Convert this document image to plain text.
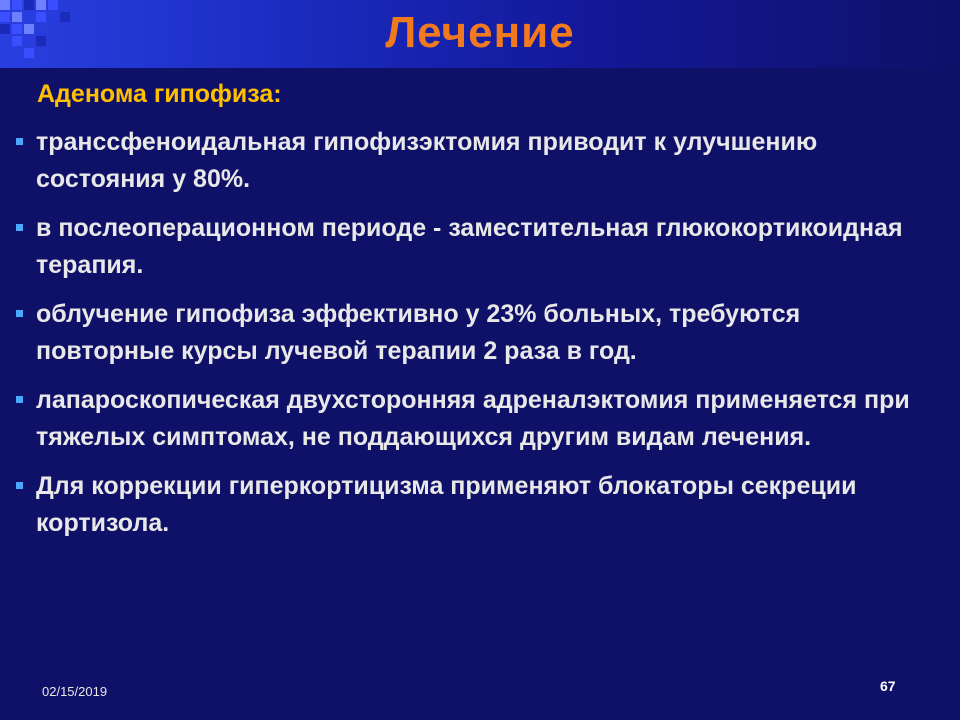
Лечение
Аденома гипофиза:
трансcфеноидальная гипофизэктомия приводит к улучшению состояния у 80%.
в послеоперационном периоде - заместительная глюкокортикоидная терапия.
облучение гипофиза эффективно у 23% больных, требуются повторные курсы лучевой терапии 2 раза в год.
лапароскопическая двухсторонняя адреналэктомия применяется при тяжелых симптомах, не поддающихся другим видам лечения.
Для коррекции гиперкортицизма применяют блокаторы секреции кортизола.
02/15/2019	67
